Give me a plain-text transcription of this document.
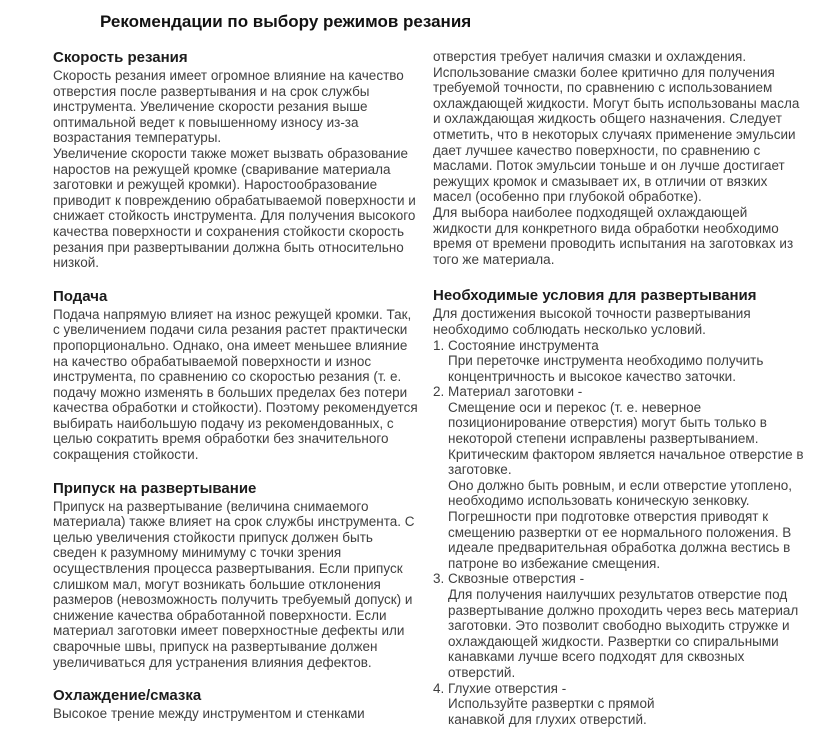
Рекомендации по выбору режимов резания
Скорость резания

Скорость резания имеет огромное влияние на качество отверстия после развертывания и на срок службы инструмента. Увеличение скорости резания выше оптимальной ведет к повышенному износу из-за возрастания температуры.

Увеличение скорости также может вызвать образование наростов на режущей кромке (сваривание материала заготовки и режущей кромки). Наростообразование приводит к повреждению обрабатываемой поверхности и снижает стойкость инструмента. Для получения высокого качества поверхности и сохранения стойкости скорость резания при развертывании должна быть относительно низкой.

Подача

Подача напрямую влияет на износ режущей кромки. Так, с увеличением подачи сила резания растет практически пропорционально. Однако, она имеет меньшее влияние на качество обрабатываемой поверхности и износ инструмента, по сравнению со скоростью резания (т. е. подачу можно изменять в больших пределах без потери качества обработки и стойкости). Поэтому рекомендуется выбирать наибольшую подачу из рекомендованных, с целью сократить время обработки без значительного сокращения стойкости.

Припуск на развертывание

Припуск на развертывание (величина снимаемого материала) также влияет на срок службы инструмента. С целью увеличения стойкости припуск должен быть сведен к разумному минимуму с точки зрения осуществления процесса развертывания. Если припуск слишком мал, могут возникать большие отклонения размеров (невозможность получить требуемый допуск) и снижение качества обработанной поверхности. Если материал заготовки имеет поверхностные дефекты или сварочные швы, припуск на развертывание должен увеличиваться для устранения влияния дефектов.

Охлаждение/смазка

Высокое трение между инструментом и стенками

отверстия требует наличия смазки и охлаждения. Использование смазки более критично для получения требуемой точности, по сравнению с использованием охлаждающей жидкости. Могут быть использованы масла и охлаждающая жидкость общего назначения. Следует отметить, что в некоторых случаях применение эмульсии дает лучшее качество поверхности, по сравнению с маслами. Поток эмульсии тоньше и он лучше достигает режущих кромок и смазывает их, в отличии от вязких масел (особенно при глубокой обработке).

Для выбора наиболее подходящей охлаждающей жидкости для конкретного вида обработки необходимо время от времени проводить испытания на заготовках из того же материала.

Необходимые условия для развертывания

Для достижения высокой точности развертывания необходимо соблюдать несколько условий.

1. Состояние инструмента

При переточке инструмента необходимо получить концентричность и высокое качество заточки.

2. Материал заготовки -

Смещение оси и перекос (т. е. неверное позиционирование отверстия) могут быть только в некоторой степени исправлены развертыванием. Критическим фактором является начальное отверстие в заготовке.

Оно должно быть ровным, и если отверстие утоплено, необходимо использовать коническую зенковку. Погрешности при подготовке отверстия приводят к смещению развертки от ее нормального положения. В идеале предварительная обработка должна вестись в патроне во избежание смещения.

3. Сквозные отверстия -

Для получения наилучших результатов отверстие под развертывание должно проходить через весь материал заготовки. Это позволит свободно выходить стружке и охлаждающей жидкости. Развертки со спиральными канавками лучше всего подходят для сквозных отверстий.

4. Глухие отверстия -

Используйте развертки с прямой

канавкой для глухих отверстий.
